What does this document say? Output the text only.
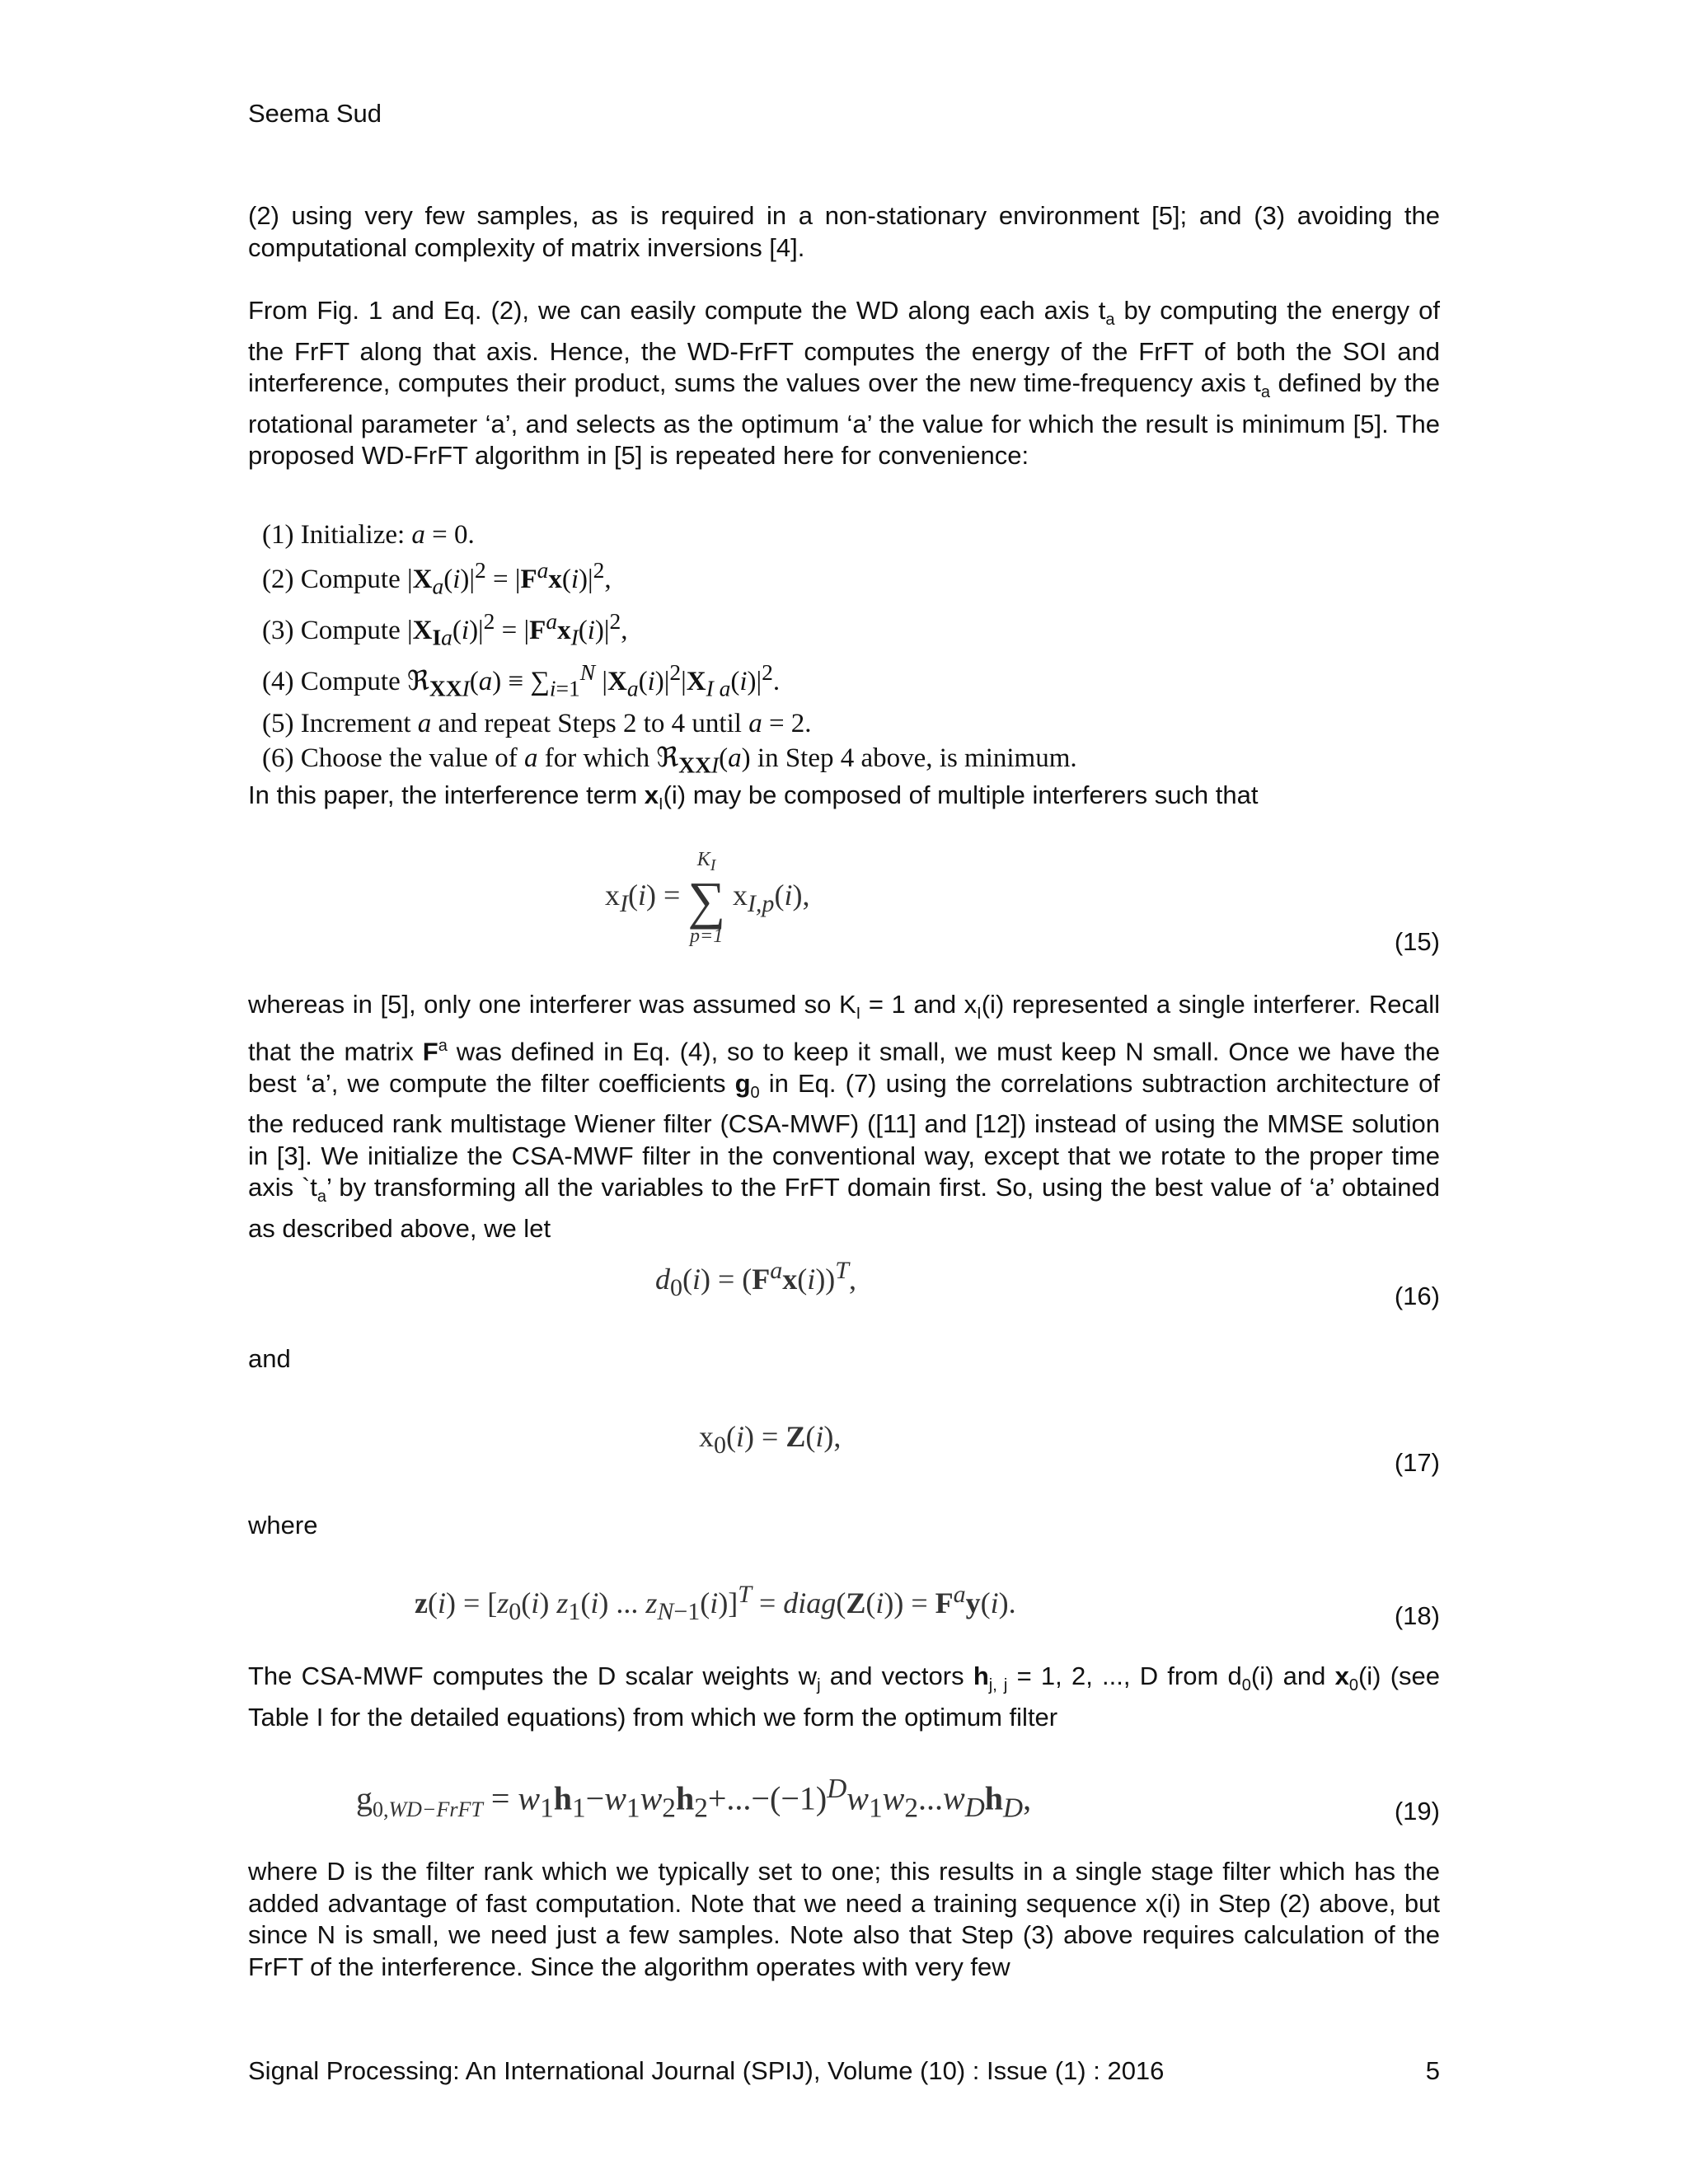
Seema Sud
(2) using very few samples, as is required in a non-stationary environment [5]; and (3) avoiding the computational complexity of matrix inversions [4].
From Fig. 1 and Eq. (2), we can easily compute the WD along each axis $t_a$ by computing the energy of the FrFT along that axis. Hence, the WD-FrFT computes the energy of the FrFT of both the SOI and interference, computes their product, sums the values over the new time-frequency axis $t_a$ defined by the rotational parameter ‘a’, and selects as the optimum ‘a’ the value for which the result is minimum [5]. The proposed WD-FrFT algorithm in [5] is repeated here for convenience:
(1) Initialize: a = 0.
(2) Compute $|X_a(i)|^2 = |F^ax(i)|^2$,
(3) Compute $|X_{Ia}(i)|^2 = |F^ax_I(i)|^2$,
(4) Compute ℜ$_{XXI}$(a) ≡ $\sum_{i=1}^N$ $|X_a(i)|^2|X_{I a}(i)|^2$.
(5) Increment a and repeat Steps 2 to 4 until a = 2.
(6) Choose the value of a for which ℜ$_{XXI}$(a) in Step 4 above, is minimum.
In this paper, the interference term $x_I(i)$ may be composed of multiple interferers such that
$x_I(i)$ =
$K_I$
∑
p=1
$x_{I,p}(i)$,
(15)
whereas in [5], only one interferer was assumed so $K_I = 1$ and $x_I(i)$ represented a single interferer. Recall that the matrix $F^a$ was defined in Eq. (4), so to keep it small, we must keep N small. Once we have the best ‘a’, we compute the filter coefficients $g_0$ in Eq. (7) using the correlations subtraction architecture of the reduced rank multistage Wiener filter (CSA-MWF) ([11] and [12]) instead of using the MMSE solution in [3]. We initialize the CSA-MWF filter in the conventional way, except that we rotate to the proper time axis $`t_a$’ by transforming all the variables to the FrFT domain first. So, using the best value of ‘a’ obtained as described above, we let
$d_0(i) = (F^ax(i))^T$,
(16)
and
$x_0(i) = Z(i)$,
(17)
where
$z(i) = [z_0(i)$ $z_1(i)$ ... $z_{N-1}(i)]^T$ = diag(Z(i)) = $F^ay(i)$.	(18)
The CSA-MWF computes the D scalar weights $w_j$ and vectors $h_{j, j} = 1$, 2, ..., D from $d_0(i)$ and $x_0(i)$ (see Table I for the detailed equations) from which we form the optimum filter
$g_{0,WD-FrFT} = w_1h_1-w_1w_2h_2+...-(-1)^Dw_1w_2...w_Dh_D$,	(19)
where D is the filter rank which we typically set to one; this results in a single stage filter which has the added advantage of fast computation. Note that we need a training sequence x(i) in Step (2) above, but since N is small, we need just a few samples. Note also that Step (3) above requires calculation of the FrFT of the interference. Since the algorithm operates with very few
Signal Processing: An International Journal (SPIJ), Volume (10) : Issue (1) : 2016	5
